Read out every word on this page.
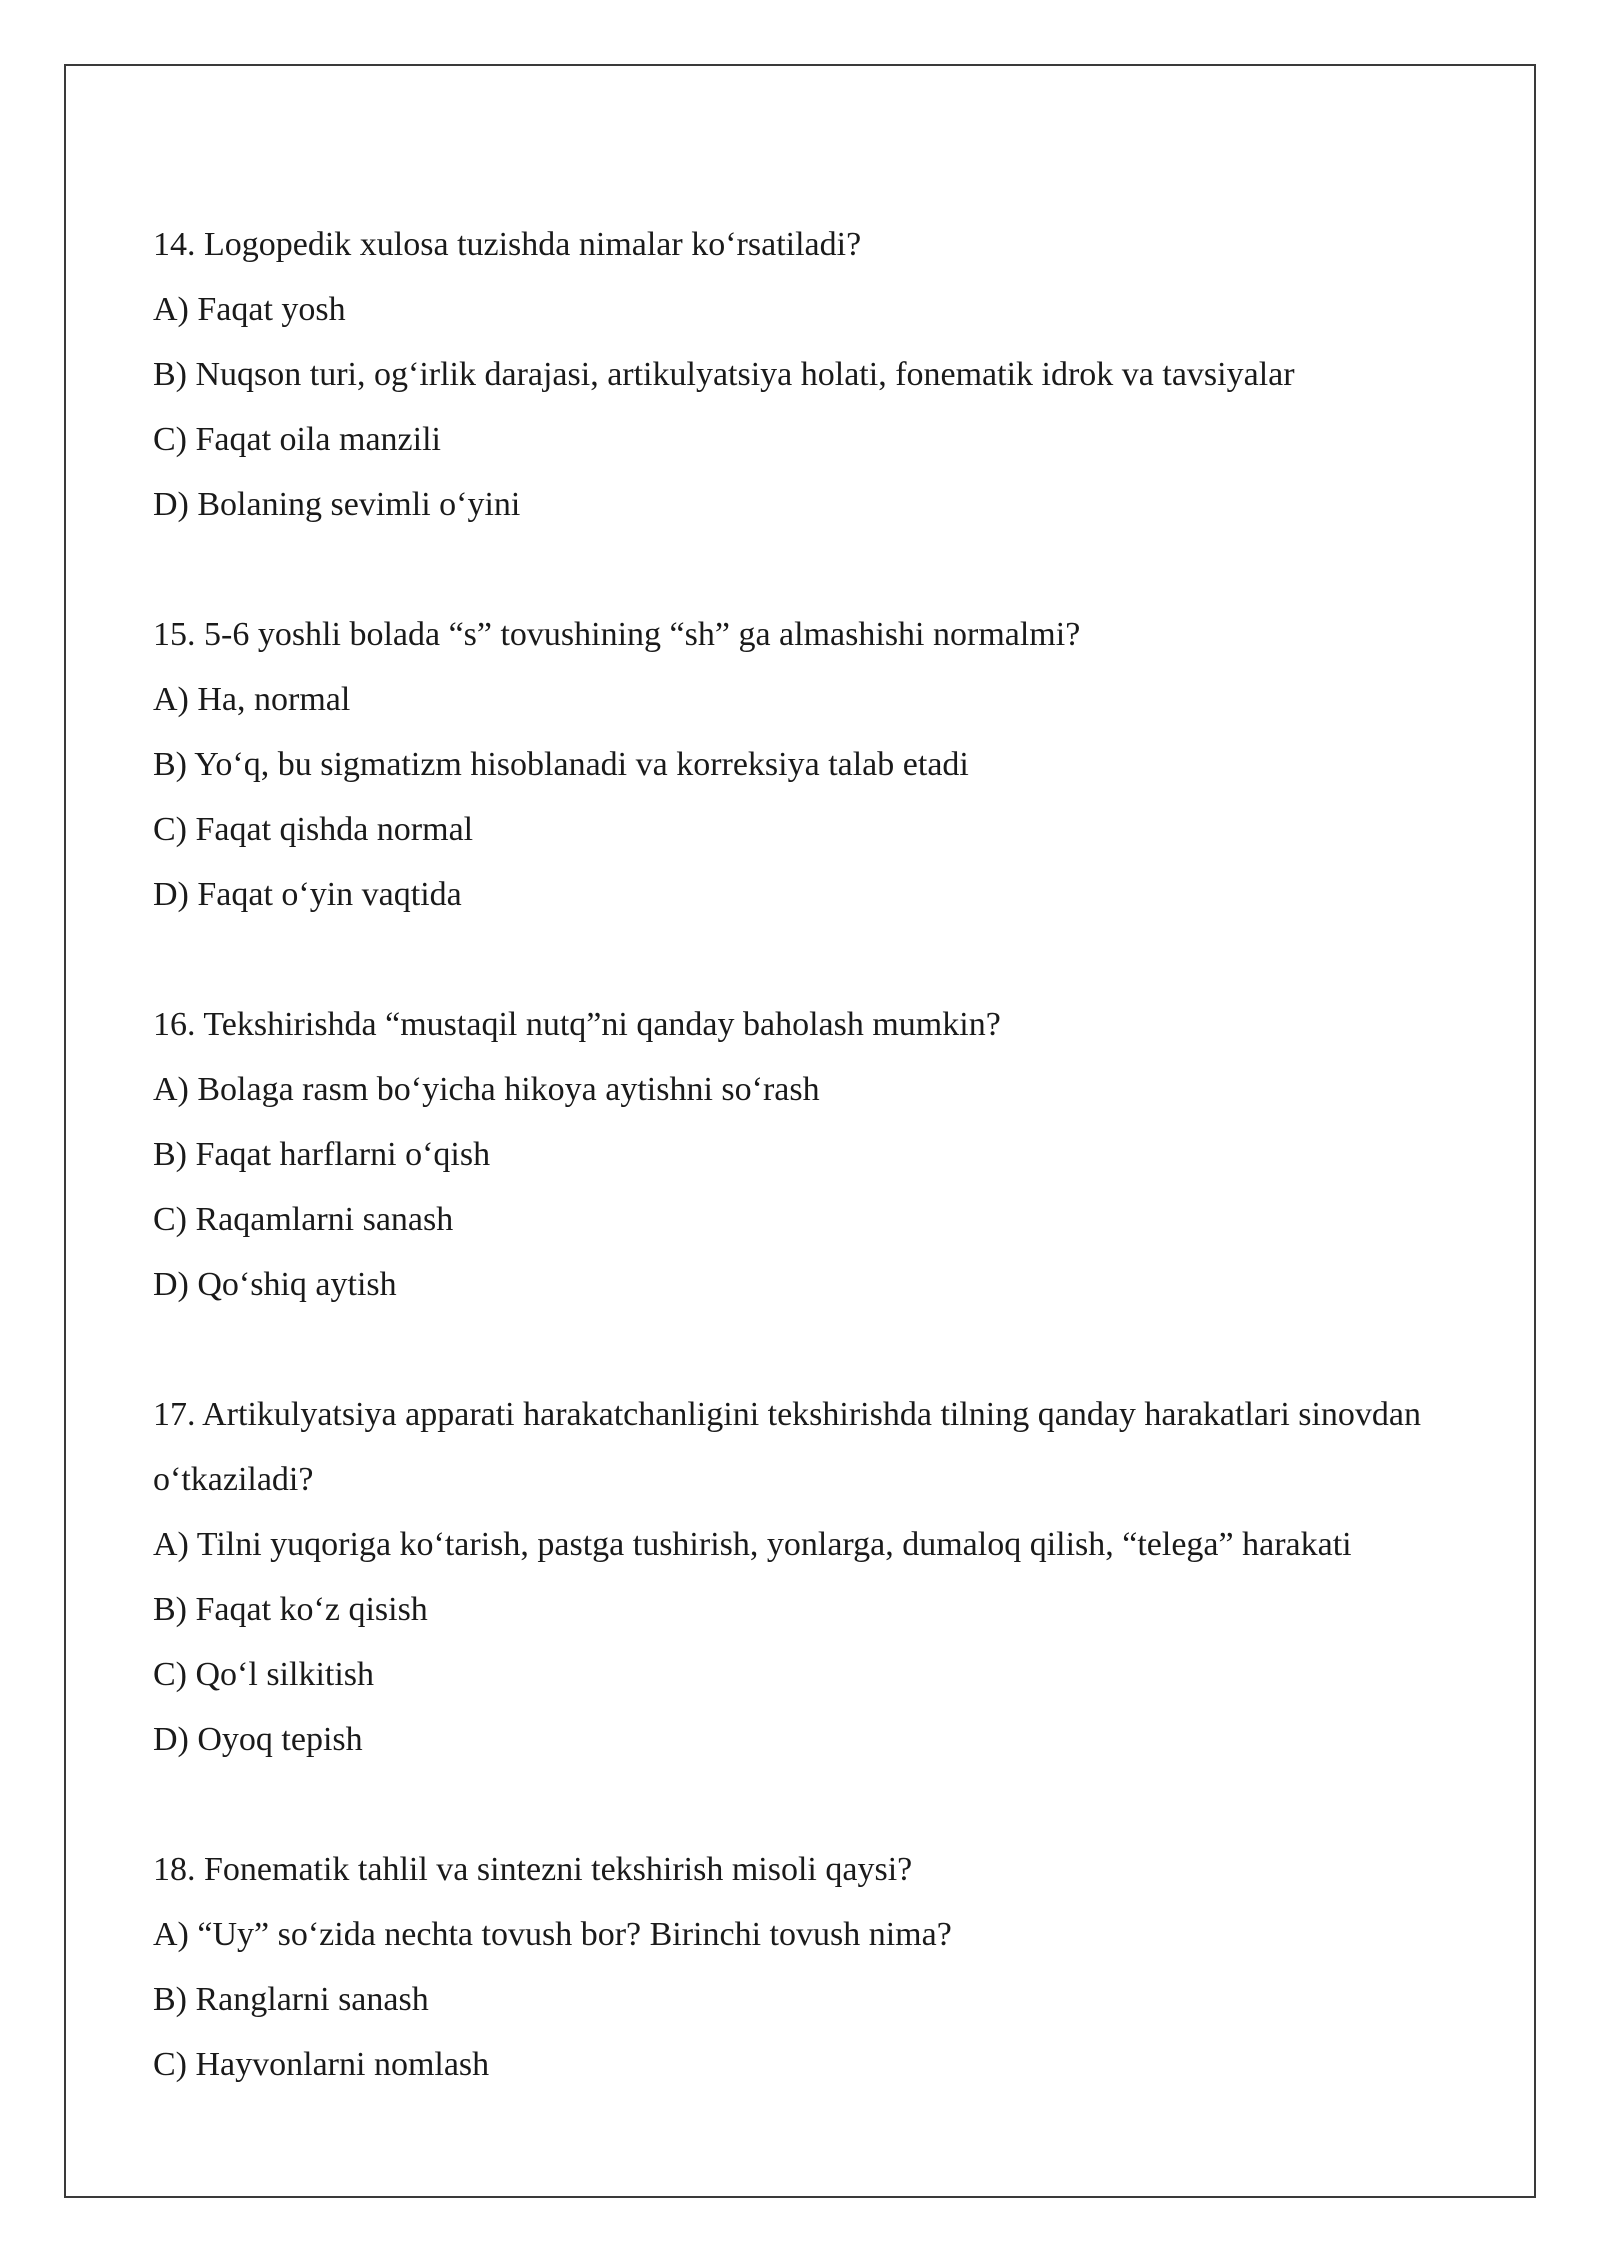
14. Logopedik xulosa tuzishda nimalar ko‘rsatiladi?
A) Faqat yosh
B) Nuqson turi, og‘irlik darajasi, artikulyatsiya holati, fonematik idrok va tavsiyalar
C) Faqat oila manzili
D) Bolaning sevimli o‘yini
15. 5-6 yoshli bolada “s” tovushining “sh” ga almashishi normalmi?
A) Ha, normal
B) Yo‘q, bu sigmatizm hisoblanadi va korreksiya talab etadi
C) Faqat qishda normal
D) Faqat o‘yin vaqtida
16. Tekshirishda “mustaqil nutq”ni qanday baholash mumkin?
A) Bolaga rasm bo‘yicha hikoya aytishni so‘rash
B) Faqat harflarni o‘qish
C) Raqamlarni sanash
D) Qo‘shiq aytish
17. Artikulyatsiya apparati harakatchanligini tekshirishda tilning qanday harakatlari sinovdan o‘tkaziladi?
A) Tilni yuqoriga ko‘tarish, pastga tushirish, yonlarga, dumaloq qilish, “telega” harakati
B) Faqat ko‘z qisish
C) Qo‘l silkitish
D) Oyoq tepish
18. Fonematik tahlil va sintezni tekshirish misoli qaysi?
A) “Uy” so‘zida nechta tovush bor? Birinchi tovush nima?
B) Ranglarni sanash
C) Hayvonlarni nomlash
